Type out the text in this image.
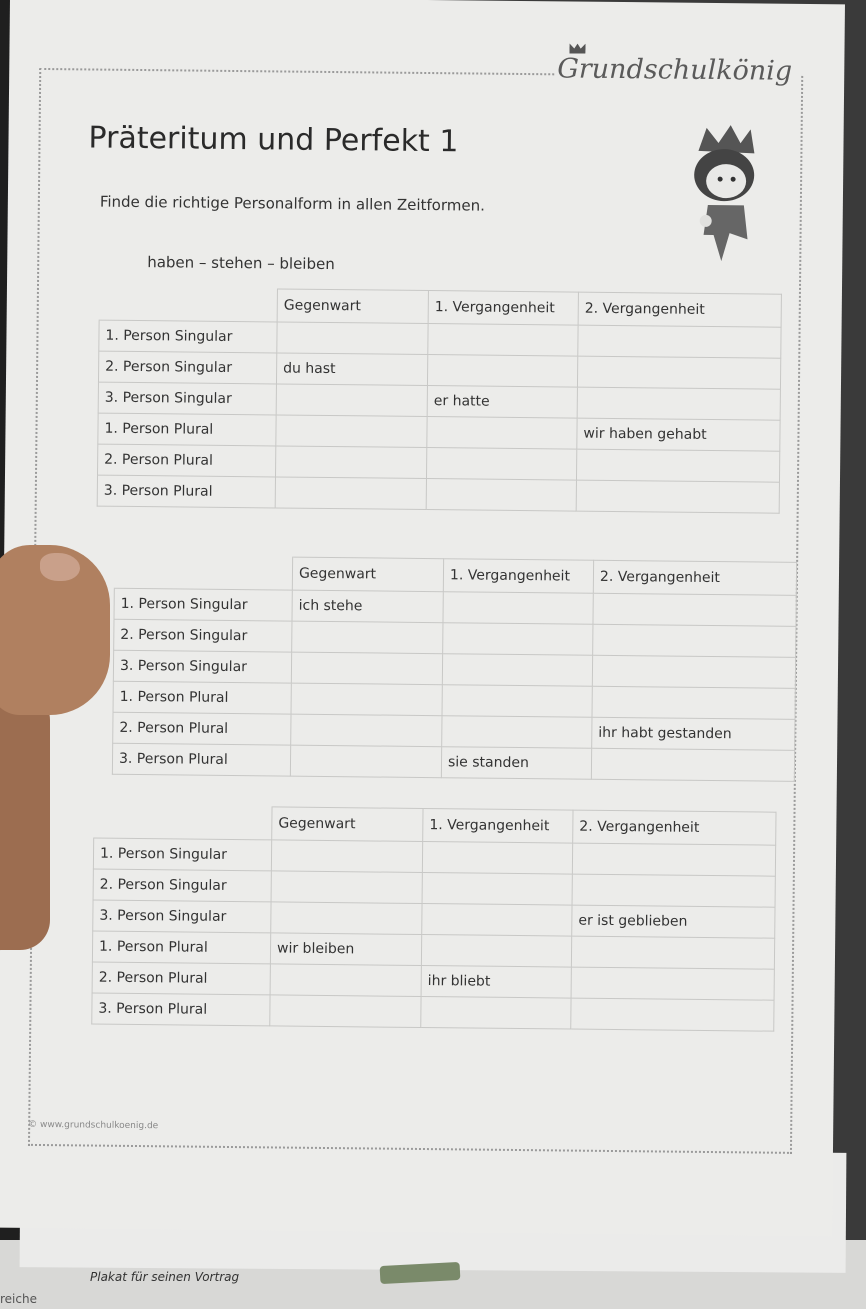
Plakat für seinen Vortrag
reiche
Grundschulkönig
Präteritum und Perfekt 1
Finde die richtige Personalform in allen Zeitformen.
haben – stehen – bleiben
	Gegenwart	1. Vergangenheit	2. Vergangenheit
1. Person Singular			
2. Person Singular	du hast		
3. Person Singular		er hatte	
1. Person Plural			wir haben gehabt
2. Person Plural			
3. Person Plural			
	Gegenwart	1. Vergangenheit	2. Vergangenheit
1. Person Singular	ich stehe		
2. Person Singular			
3. Person Singular			
1. Person Plural			
2. Person Plural			ihr habt gestanden
3. Person Plural		sie standen	
	Gegenwart	1. Vergangenheit	2. Vergangenheit
1. Person Singular			
2. Person Singular			
3. Person Singular			er ist geblieben
1. Person Plural	wir bleiben		
2. Person Plural		ihr bliebt	
3. Person Plural			
© www.grundschulkoenig.de
